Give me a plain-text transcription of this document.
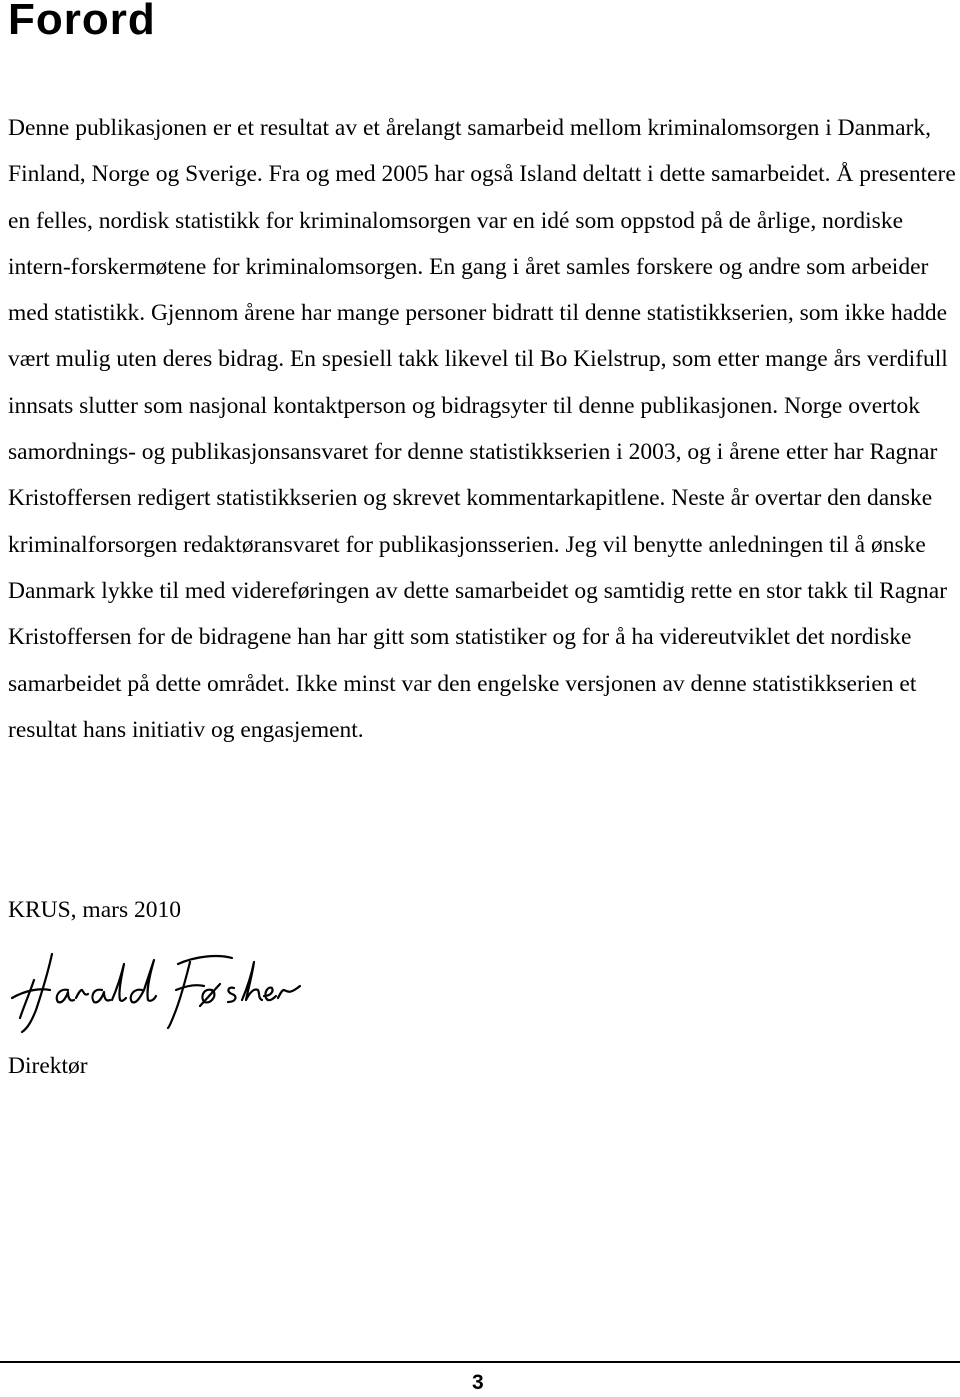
Forord

Denne publikasjonen er et resultat av et årelangt samarbeid mellom kriminalomsorgen i Danmark, Finland, Norge og Sverige. Fra og med 2005 har også Island deltatt i dette samarbeidet. Å presentere en felles, nordisk statistikk for kriminalomsorgen var en idé som oppstod på de årlige, nordiske intern-forskermøtene for kriminalomsorgen. En gang i året samles forskere og andre som arbeider med statistikk. Gjennom årene har mange personer bidratt til denne statistikkserien, som ikke hadde vært mulig uten deres bidrag. En spesiell takk likevel til Bo Kielstrup, som etter mange års verdifull innsats slutter som nasjonal kontaktperson og bidragsyter til denne publikasjonen. Norge overtok samordnings- og publikasjonsansvaret for denne statistikkserien i 2003, og i årene etter har Ragnar Kristoffersen redigert statistikkserien og skrevet kommentarkapitlene. Neste år overtar den danske kriminalforsorgen redaktøransvaret for publikasjonsserien. Jeg vil benytte anledningen til å ønske Danmark lykke til med videreføringen av dette samarbeidet og samtidig rette en stor takk til Ragnar Kristoffersen for de bidragene han har gitt som statistiker og for å ha videreutviklet det nordiske samarbeidet på dette området. Ikke minst var den engelske versjonen av denne statistikkserien et resultat hans initiativ og engasjement.

KRUS, mars 2010

Direktør

3
